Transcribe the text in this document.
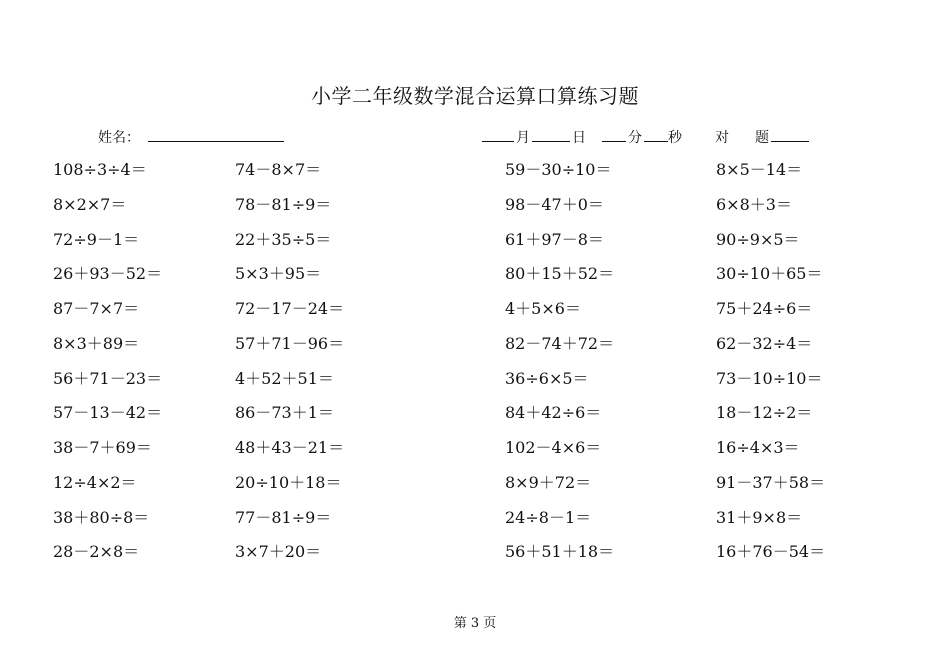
小学二年级数学混合运算口算练习题
姓名：	月	日	分 秒 对 题
108÷3÷4＝	74－8×7＝	59－30÷10＝	8×5－14＝
8×2×7＝	78－81÷9＝	98－47＋0＝	6×8＋3＝
72÷9－1＝	22＋35÷5＝	61＋97－8＝	90÷9×5＝
26＋93－52＝	5×3＋95＝	80＋15＋52＝	30÷10＋65＝
87－7×7＝	72－17－24＝	4＋5×6＝	75＋24÷6＝
8×3＋89＝	57＋71－96＝	82－74＋72＝	62－32÷4＝
56＋71－23＝	4＋52＋51＝	36÷6×5＝	73－10÷10＝
57－13－42＝	86－73＋1＝	84＋42÷6＝	18－12÷2＝
38－7＋69＝	48＋43－21＝	102－4×6＝	16÷4×3＝
12÷4×2＝	20÷10＋18＝	8×9＋72＝	91－37＋58＝
38＋80÷8＝	77－81÷9＝	24÷8－1＝	31＋9×8＝
28－2×8＝	3×7＋20＝	56＋51＋18＝	16＋76－54＝
第 3 页
